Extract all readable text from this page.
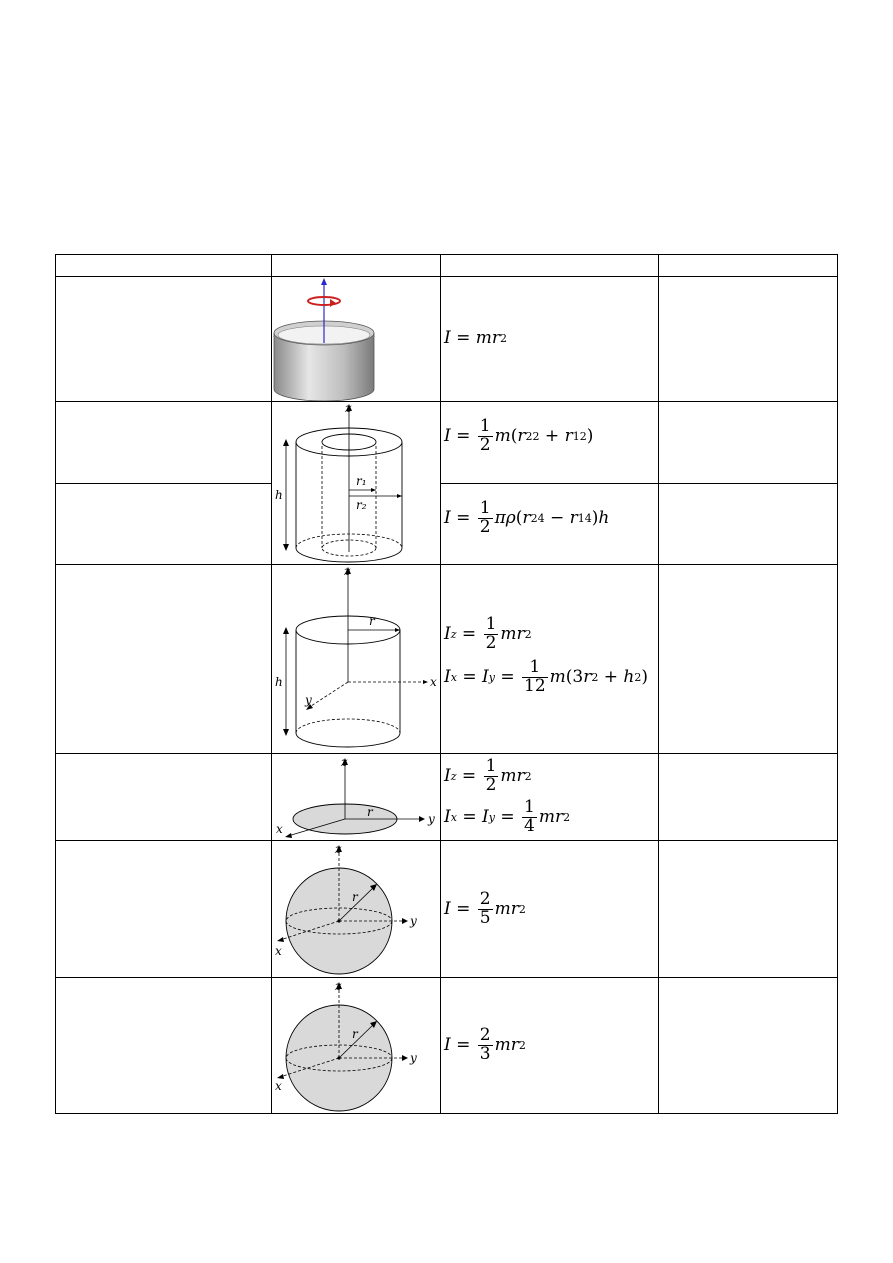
I = mr 2
z
r₁
r₂
h
$I = \frac{1}{2}$ m ( r 2 2 + r 1 2 )
$I = \frac{1}{2}$ πρ ( r 2 4 − r 1 4 ) h
z
r
x
y
h
I $z = \frac{1}{2}$ mr 2
I x = I $y = \frac{1}{12}$ m (3 r 2 + h 2 )
z
y
r
x
I $z = \frac{1}{2}$ mr 2
I x = I $y = \frac{1}{4}$ mr 2
z
y
r
x
$I = \frac{2}{5}$ mr 2
z
y
r
x
$I = \frac{2}{3}$ mr 2
